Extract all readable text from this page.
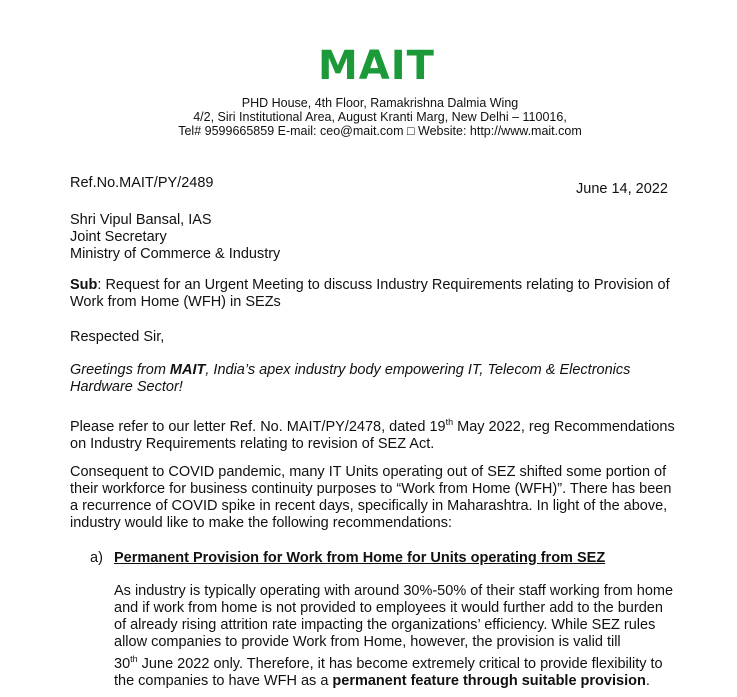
MAIT
PHD House, 4th Floor, Ramakrishna Dalmia Wing
4/2, Siri Institutional Area, August Kranti Marg, New Delhi – 110016,
Tel# 9599665859 E-mail: ceo@mait.com □ Website: http://www.mait.com
Ref.No.MAIT/PY/2489	June 14, 2022
Shri Vipul Bansal, IAS
Joint Secretary
Ministry of Commerce & Industry
Sub: Request for an Urgent Meeting to discuss Industry Requirements relating to Provision of
Work from Home (WFH) in SEZs
Respected Sir,
Greetings from MAIT, India’s apex industry body empowering IT, Telecom & Electronics
Hardware Sector!
Please refer to our letter Ref. No. MAIT/PY/2478, dated 19th May 2022, reg Recommendations
on Industry Requirements relating to revision of SEZ Act.
Consequent to COVID pandemic, many IT Units operating out of SEZ shifted some portion of
their workforce for business continuity purposes to “Work from Home (WFH)”. There has been
a recurrence of COVID spike in recent days, specifically in Maharashtra. In light of the above,
industry would like to make the following recommendations:
a) Permanent Provision for Work from Home for Units operating from SEZ
As industry is typically operating with around 30%-50% of their staff working from home
and if work from home is not provided to employees it would further add to the burden
of already rising attrition rate impacting the organizations’ efficiency. While SEZ rules
allow companies to provide Work from Home, however, the provision is valid till
30th June 2022 only. Therefore, it has become extremely critical to provide flexibility to
the companies to have WFH as a permanent feature through suitable provision.
